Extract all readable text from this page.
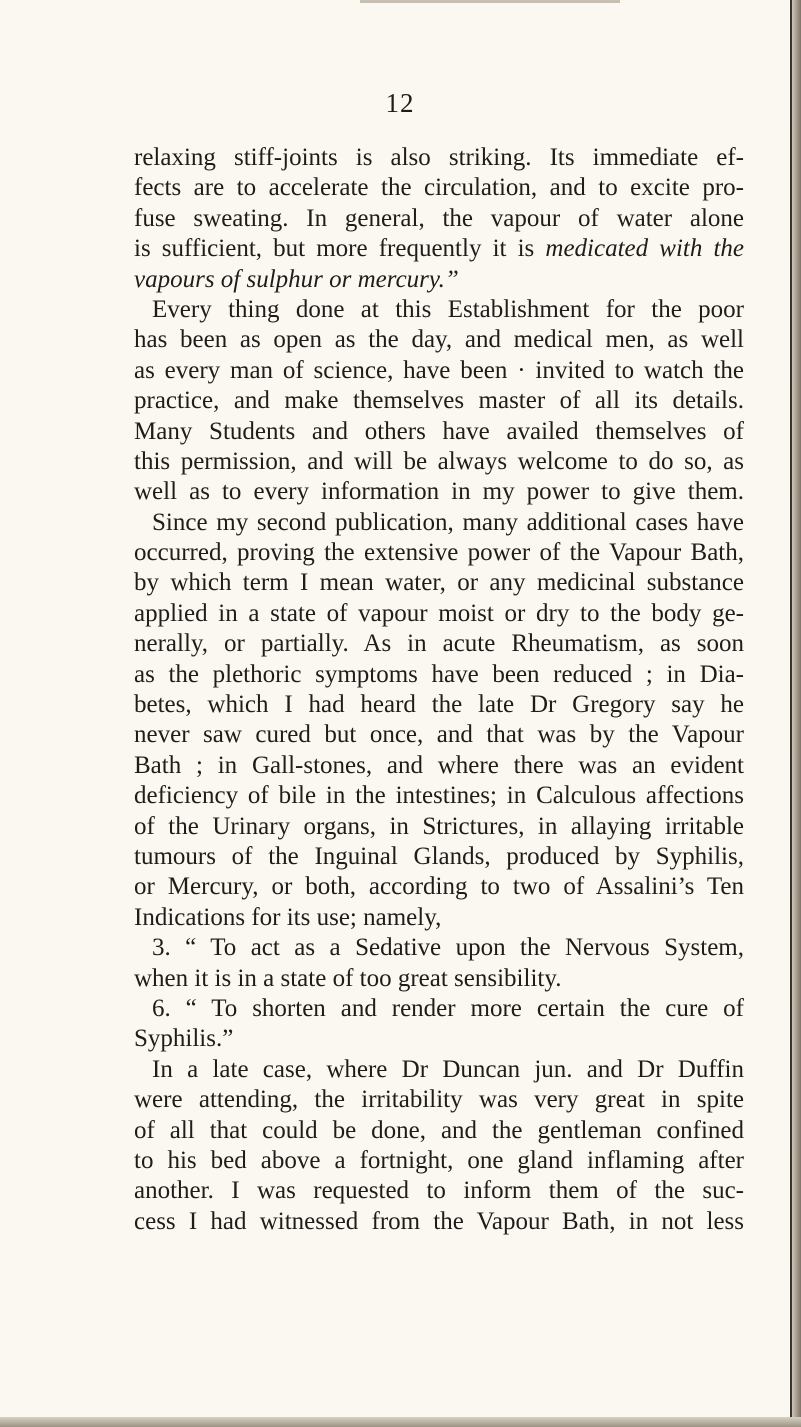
12
relaxing stiff-joints is also striking. Its immediate ef-
fects are to accelerate the circulation, and to excite pro-
fuse sweating. In general, the vapour of water alone
is sufficient, but more frequently it is medicated with the
vapours of sulphur or mercury.”
Every thing done at this Establishment for the poor
has been as open as the day, and medical men, as well
as every man of science, have been · invited to watch the
practice, and make themselves master of all its details.
Many Students and others have availed themselves of
this permission, and will be always welcome to do so, as
well as to every information in my power to give them.
Since my second publication, many additional cases have
occurred, proving the extensive power of the Vapour Bath,
by which term I mean water, or any medicinal substance
applied in a state of vapour moist or dry to the body ge-
nerally, or partially. As in acute Rheumatism, as soon
as the plethoric symptoms have been reduced ; in Dia-
betes, which I had heard the late Dr Gregory say he
never saw cured but once, and that was by the Vapour
Bath ; in Gall-stones, and where there was an evident
deficiency of bile in the intestines; in Calculous affections
of the Urinary organs, in Strictures, in allaying irritable
tumours of the Inguinal Glands, produced by Syphilis,
or Mercury, or both, according to two of Assalini’s Ten
Indications for its use; namely,
3. “ To act as a Sedative upon the Nervous System,
when it is in a state of too great sensibility.
6. “ To shorten and render more certain the cure of
Syphilis.”
In a late case, where Dr Duncan jun. and Dr Duffin
were attending, the irritability was very great in spite
of all that could be done, and the gentleman confined
to his bed above a fortnight, one gland inflaming after
another. I was requested to inform them of the suc-
cess I had witnessed from the Vapour Bath, in not less
